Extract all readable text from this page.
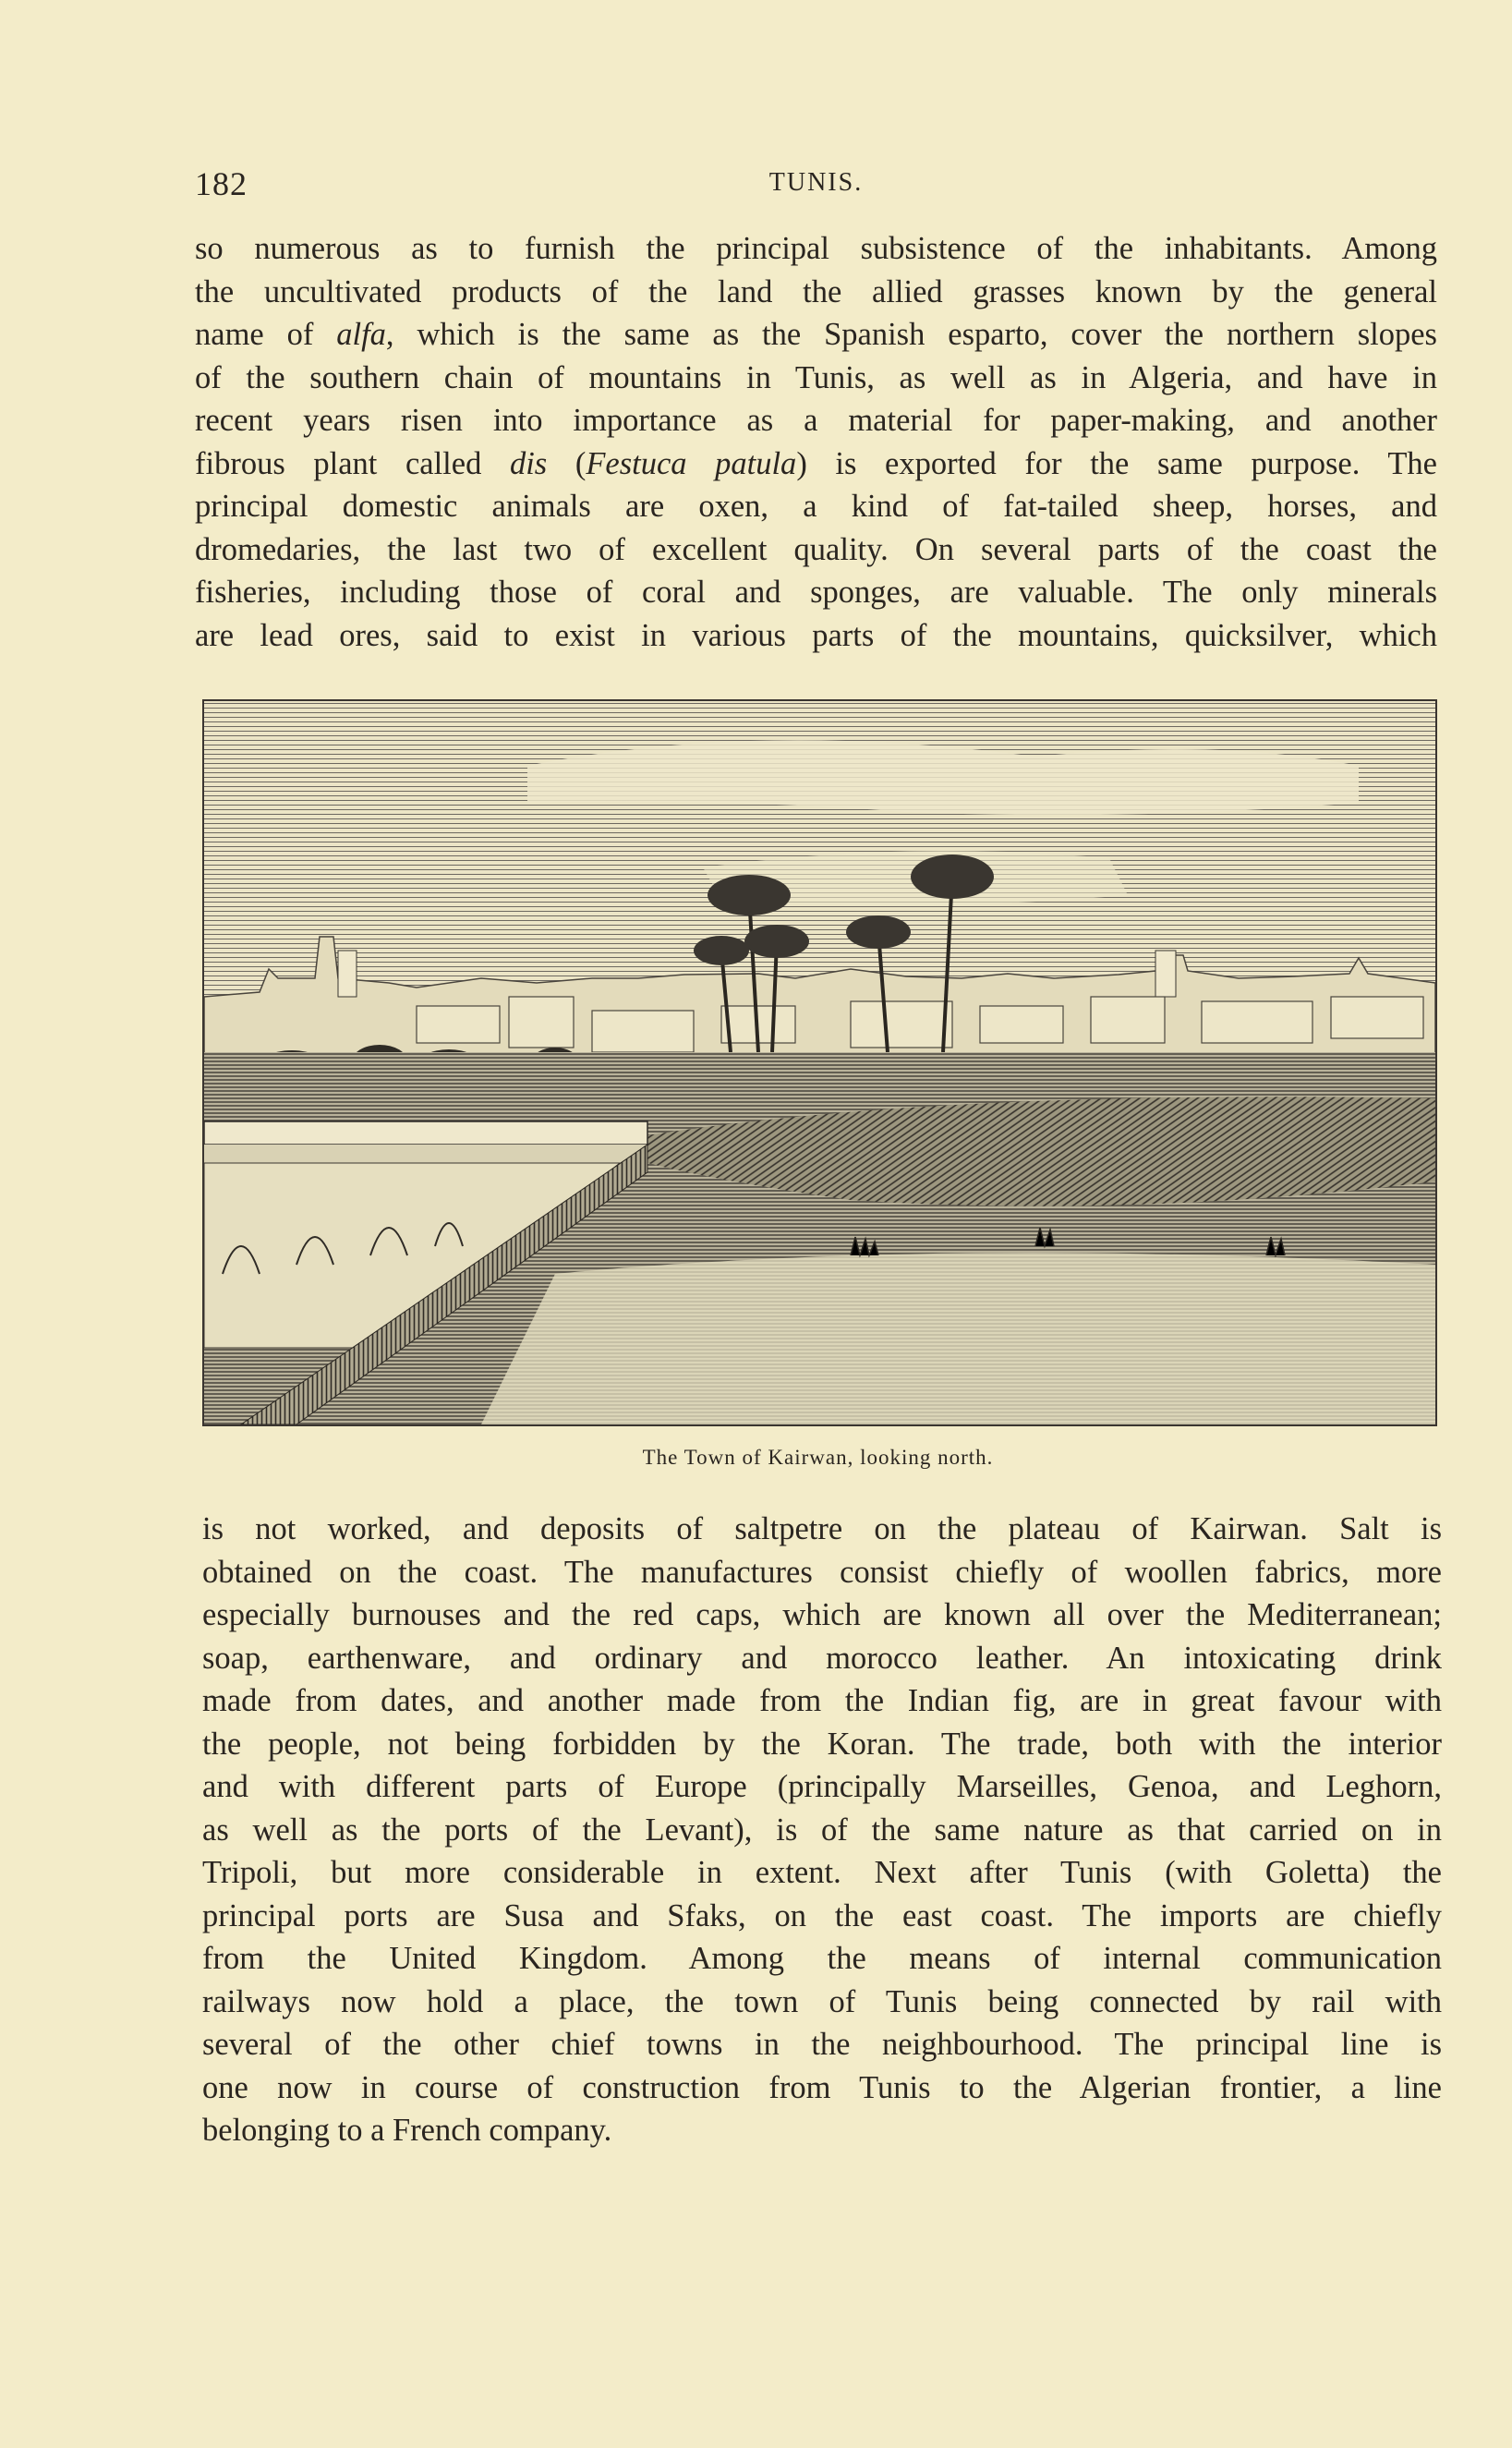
182	TUNIS.
so numerous as to furnish the principal subsistence of the inhabitants. Among
the uncultivated products of the land the allied grasses known by the general
name of alfa, which is the same as the Spanish esparto, cover the northern slopes
of the southern chain of mountains in Tunis, as well as in Algeria, and have in
recent years risen into importance as a material for paper-making, and another
fibrous plant called dis (Festuca patula) is exported for the same purpose. The
principal domestic animals are oxen, a kind of fat-tailed sheep, horses, and
dromedaries, the last two of excellent quality. On several parts of the coast the
fisheries, including those of coral and sponges, are valuable. The only minerals
are lead ores, said to exist in various parts of the mountains, quicksilver, which
The Town of Kairwan, looking north.
is not worked, and deposits of saltpetre on the plateau of Kairwan. Salt is
obtained on the coast. The manufactures consist chiefly of woollen fabrics, more
especially burnouses and the red caps, which are known all over the Mediterranean;
soap, earthenware, and ordinary and morocco leather. An intoxicating drink
made from dates, and another made from the Indian fig, are in great favour with
the people, not being forbidden by the Koran. The trade, both with the interior
and with different parts of Europe (principally Marseilles, Genoa, and Leghorn,
as well as the ports of the Levant), is of the same nature as that carried on in
Tripoli, but more considerable in extent. Next after Tunis (with Goletta) the
principal ports are Susa and Sfaks, on the east coast. The imports are chiefly
from the United Kingdom. Among the means of internal communication
railways now hold a place, the town of Tunis being connected by rail with
several of the other chief towns in the neighbourhood. The principal line is
one now in course of construction from Tunis to the Algerian frontier, a line
belonging to a French company.
